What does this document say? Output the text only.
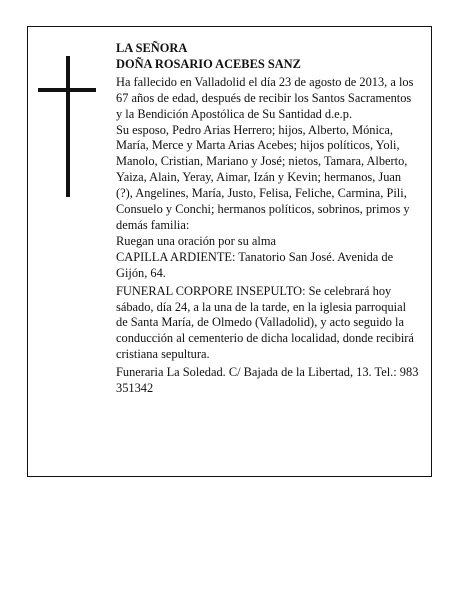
LA SEÑORA

DOÑA ROSARIO ACEBES SANZ

Ha fallecido en Valladolid el día 23 de agosto de 2013, a los 67 años de edad, después de recibir los Santos Sacramentos y la Bendición Apostólica de Su Santidad d.e.p.

Su esposo, Pedro Arias Herrero; hijos, Alberto, Mónica, María, Merce y Marta Arias Acebes; hijos políticos, Yoli, Manolo, Cristian, Mariano y José; nietos, Tamara, Alberto, Yaiza, Alain, Yeray, Aimar, Izán y Kevin; hermanos, Juan (?), Angelines, María, Justo, Felisa, Feliche, Carmina, Pili, Consuelo y Conchi; hermanos políticos, sobrinos, primos y demás familia:

Ruegan una oración por su alma

CAPILLA ARDIENTE: Tanatorio San José. Avenida de Gijón, 64.

FUNERAL CORPORE INSEPULTO: Se celebrará hoy sábado, día 24, a la una de la tarde, en la iglesia parroquial de Santa María, de Olmedo (Valladolid), y acto seguido la conducción al cementerio de dicha localidad, donde recibirá cristiana sepultura.

Funeraria La Soledad. C/ Bajada de la Libertad, 13. Tel.: 983 351342
